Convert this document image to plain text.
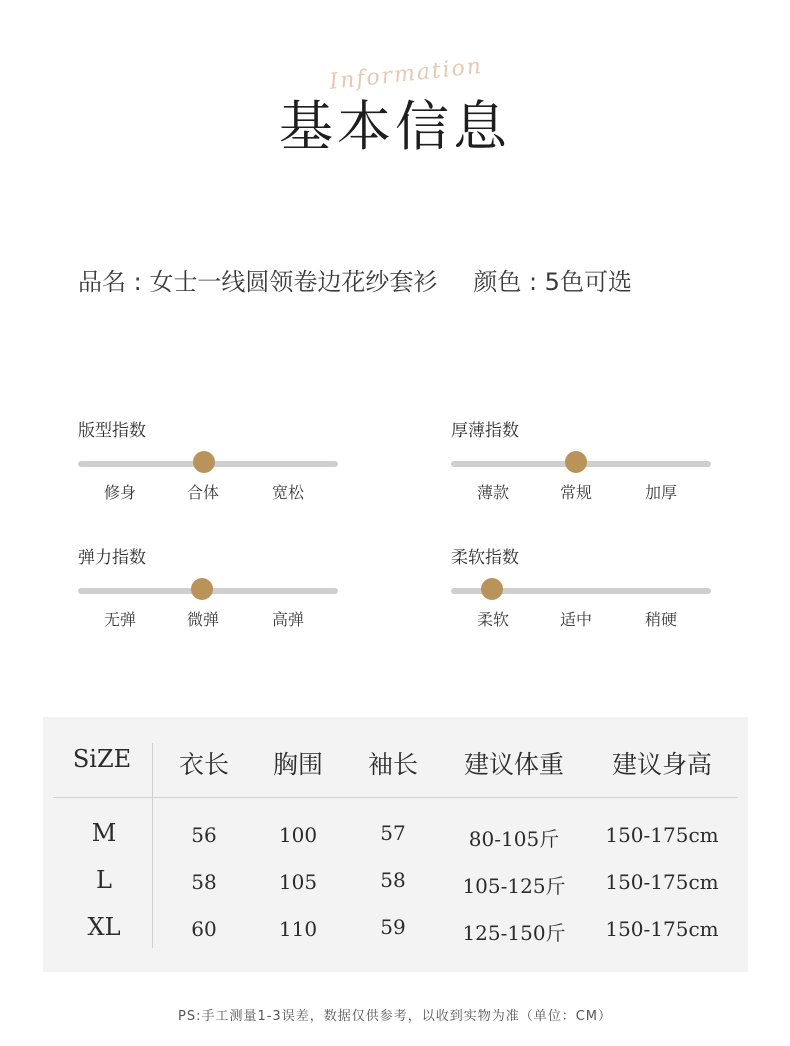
Information
基本信息
品名 : 女士一线圆领卷边花纱套衫 颜色 : 5色可选
版型指数
修身	合体	宽松
厚薄指数
薄款	常规	加厚
弹力指数
无弹	微弹	高弹
柔软指数
柔软	适中	稍硬
SiZE 衣长 胸围 袖长 建议体重 建议身高
M	56	100	57	80-105斤 150-175cm
L	58	105	58	105-125斤 150-175cm
XL	60	110	59	125-150斤 150-175cm
PS:手工测量1-3误差，数据仅供参考，以收到实物为准（单位：CM）
